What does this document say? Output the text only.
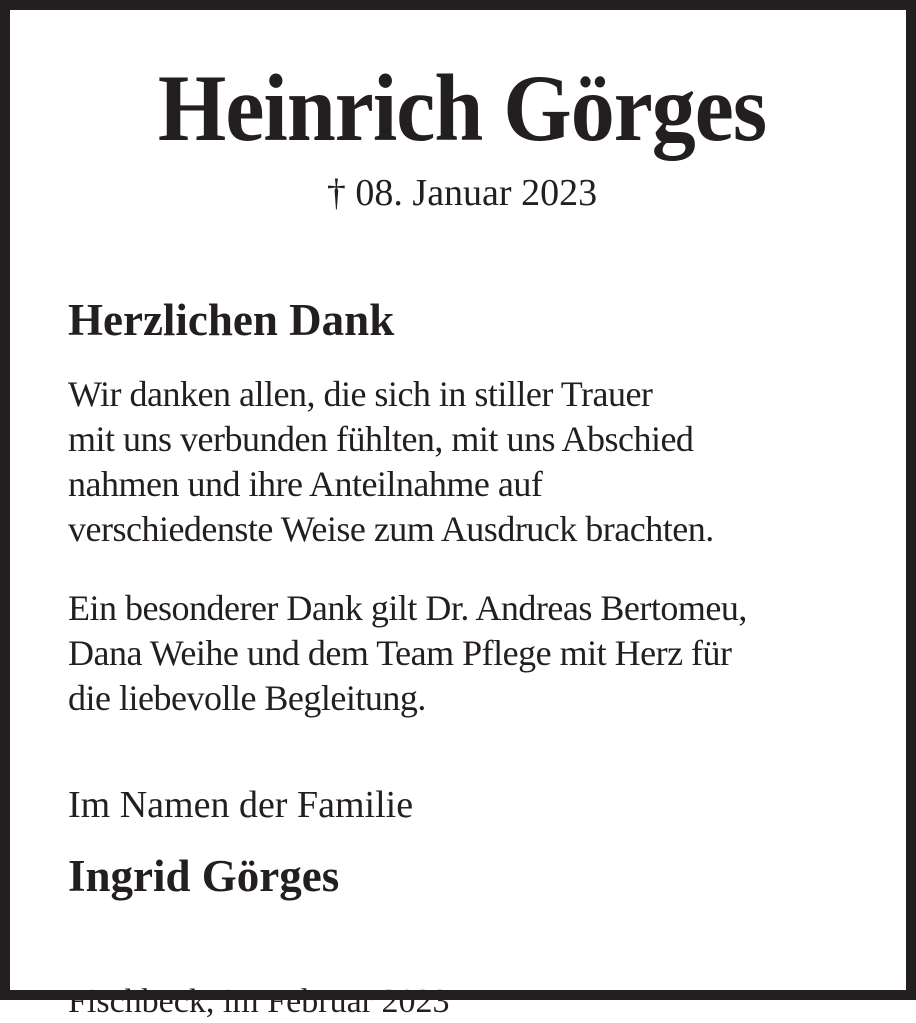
Heinrich Görges
† 08. Januar 2023
Herzlichen Dank
Wir danken allen, die sich in stiller Trauer
mit uns verbunden fühlten, mit uns Abschied
nahmen und ihre Anteilnahme auf
verschiedenste Weise zum Ausdruck brachten.
Ein besonderer Dank gilt Dr. Andreas Bertomeu,
Dana Weihe und dem Team Pflege mit Herz für
die liebevolle Begleitung.
Im Namen der Familie
Ingrid Görges
Fischbeck, im Februar 2023
